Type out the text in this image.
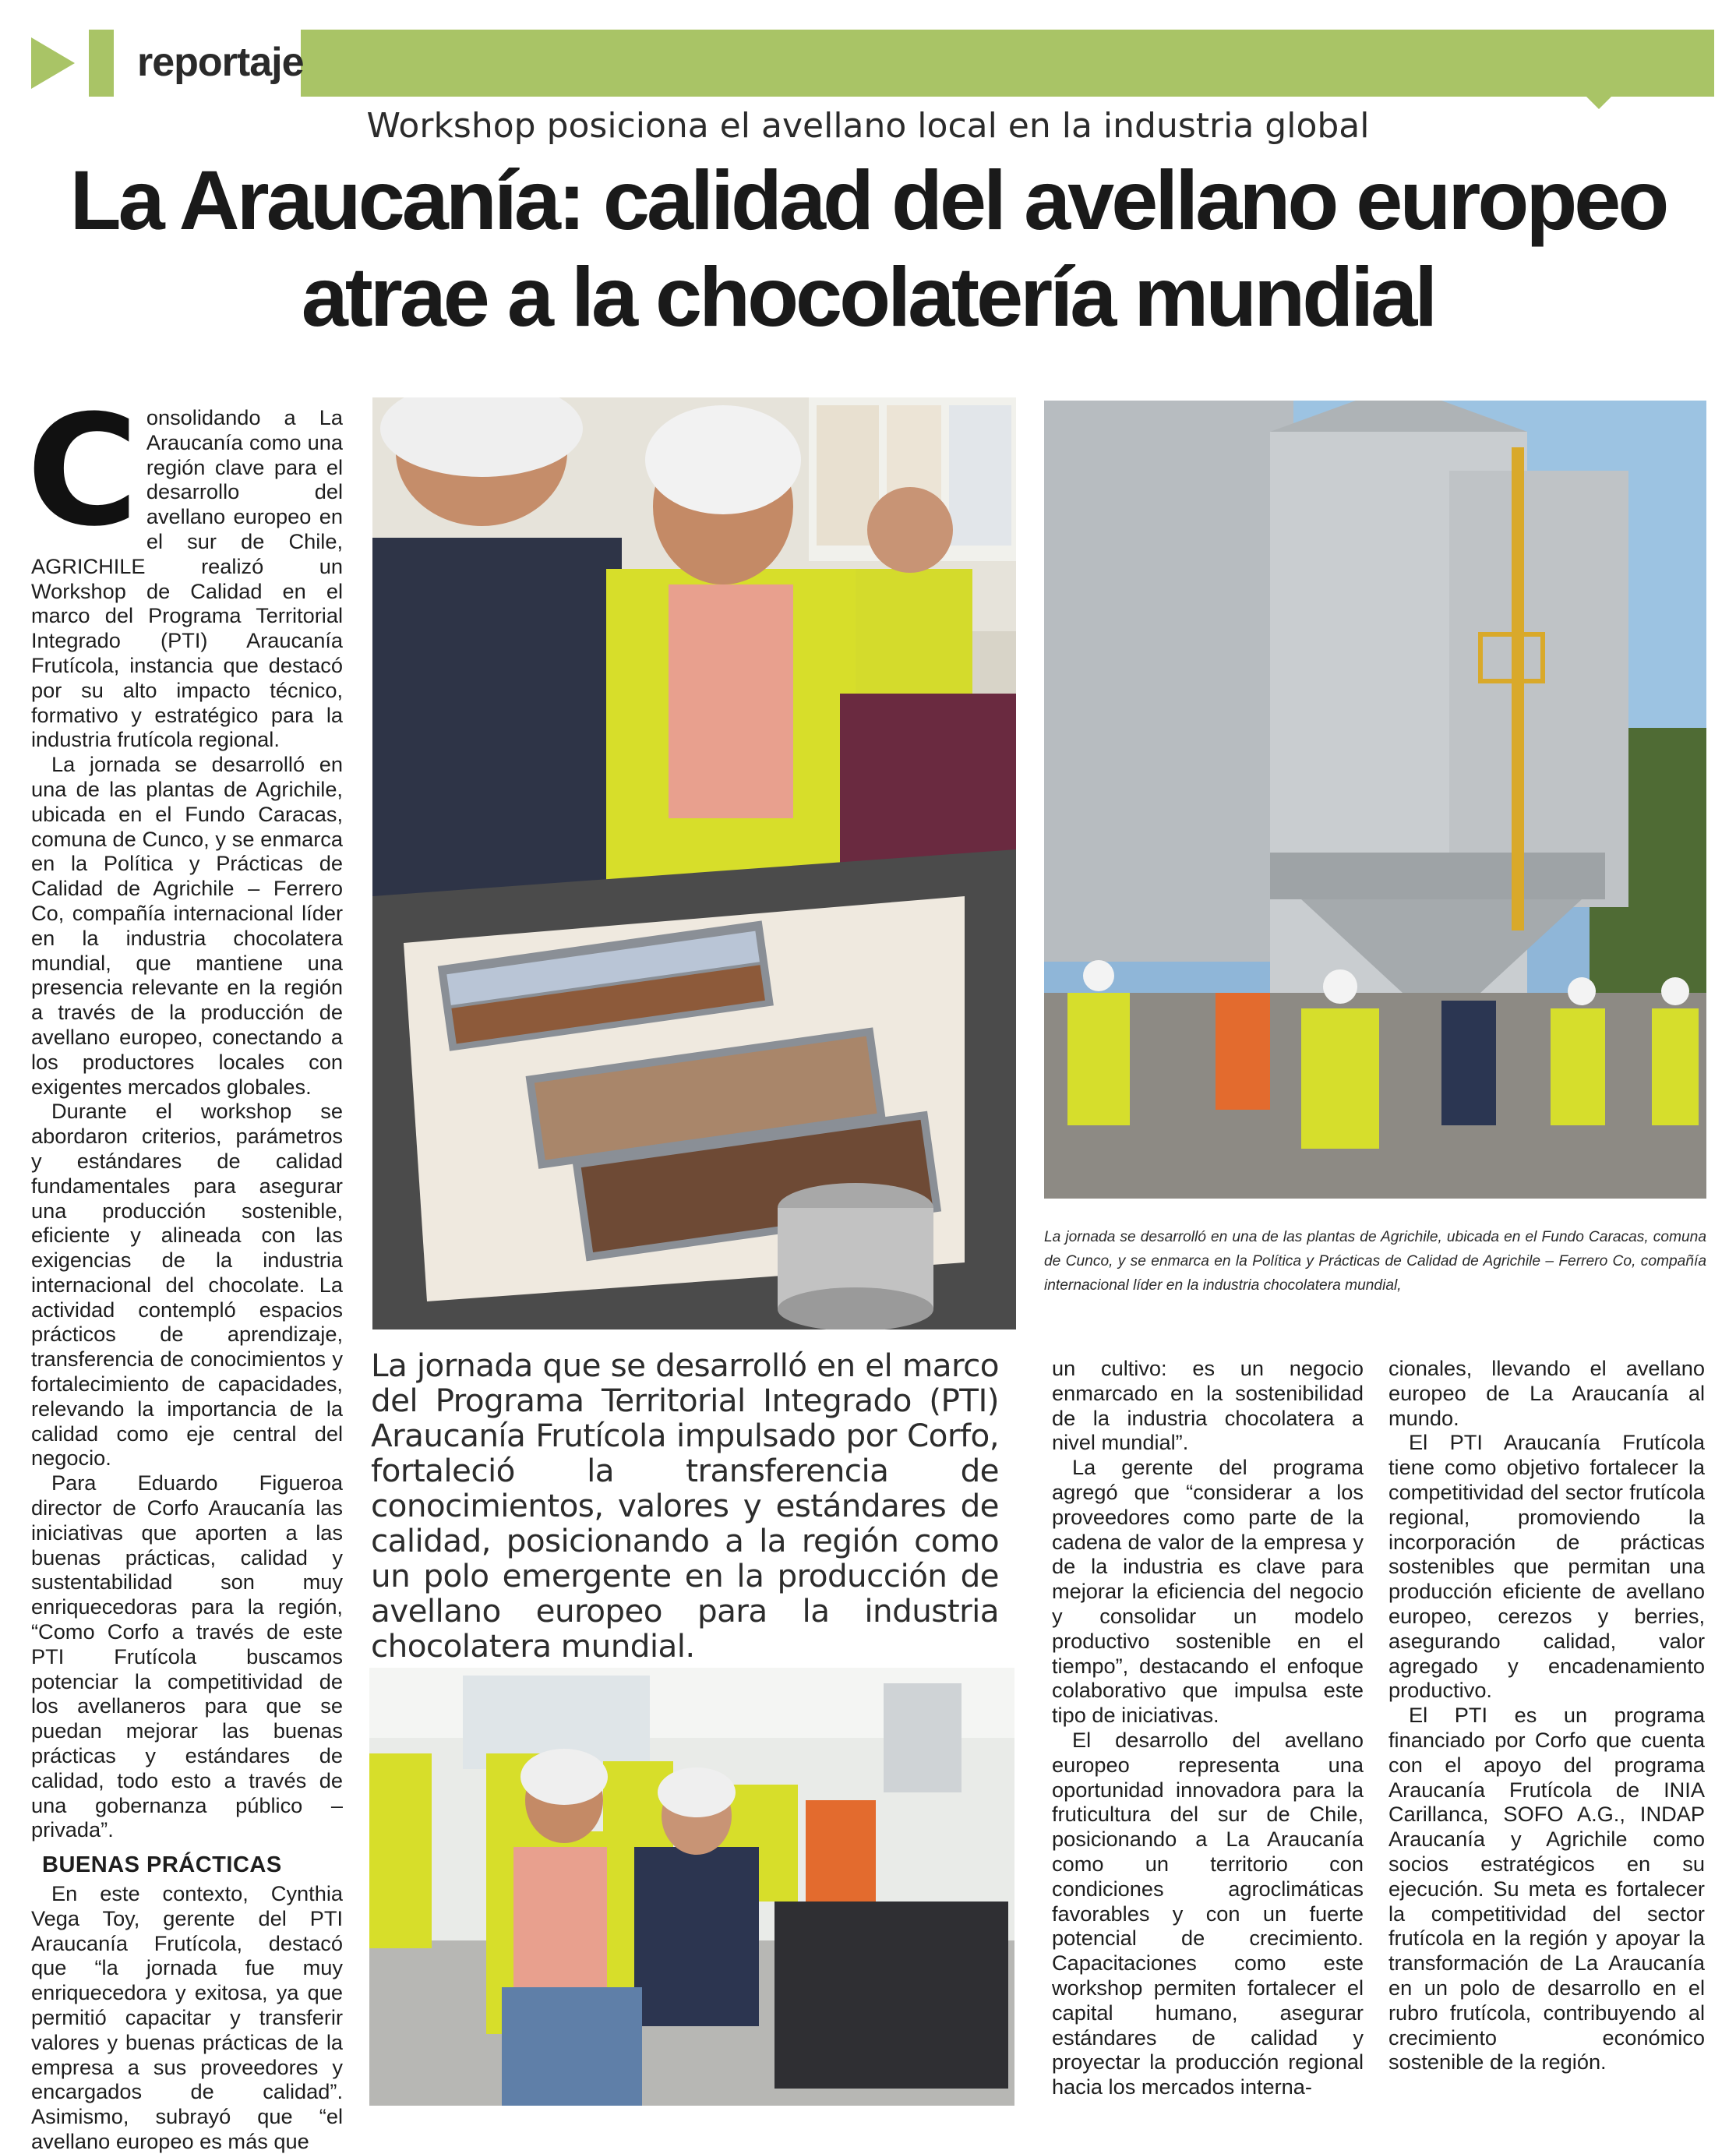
reportaje
Workshop posiciona el avellano local en la industria global
La Araucanía: calidad del avellano europeo atrae a la chocolatería mundial

Consolidando a La Araucanía como una región clave para el desarrollo del avellano europeo en el sur de Chile, AGRICHILE realizó un Workshop de Calidad en el marco del Programa Territorial Integrado (PTI) Araucanía Frutícola, instancia que destacó por su alto impacto técnico, formativo y estratégico para la industria frutícola regional.

La jornada se desarrolló en una de las plantas de Agrichile, ubicada en el Fundo Caracas, comuna de Cunco, y se enmarca en la Política y Prácticas de Calidad de Agrichile – Ferrero Co, compañía internacional líder en la industria chocolatera mundial, que mantiene una presencia relevante en la región a través de la producción de avellano europeo, conectando a los productores locales con exigentes mercados globales.

Durante el workshop se abordaron criterios, parámetros y estándares de calidad fundamentales para asegurar una producción sostenible, eficiente y alineada con las exigencias de la industria internacional del chocolate. La actividad contempló espacios prácticos de aprendizaje, transferencia de conocimientos y fortalecimiento de capacidades, relevando la importancia de la calidad como eje central del negocio.

Para Eduardo Figueroa director de Corfo Araucanía las iniciativas que aporten a las buenas prácticas, calidad y sustentabilidad son muy enriquecedoras para la región, “Como Corfo a través de este PTI Frutícola buscamos potenciar la competitividad de los avellaneros para que se puedan mejorar las buenas prácticas y estándares de calidad, todo esto a través de una gobernanza público – privada”.

BUENAS PRÁCTICAS

En este contexto, Cynthia Vega Toy, gerente del PTI Araucanía Frutícola, destacó que “la jornada fue muy enriquecedora y exitosa, ya que permitió capacitar y transferir valores y buenas prácticas de la empresa a sus proveedores y encargados de calidad”. Asimismo, subrayó que “el avellano europeo es más que

La jornada se desarrolló en una de las plantas de Agrichile, ubicada en el Fundo Caracas, comuna de Cunco, y se enmarca en la Política y Prácticas de Calidad de Agrichile – Ferrero Co, compañía internacional líder en la industria chocolatera mundial,
La jornada que se desarrolló en el marco del Programa Territorial Integrado (PTI) Araucanía Frutícola impulsado por Corfo, fortaleció la transferencia de conocimientos, valores y estándares de calidad, posicionando a la región como un polo emergente en la producción de avellano europeo para la industria chocolatera mundial.

un cultivo: es un negocio enmarcado en la sostenibilidad de la industria chocolatera a nivel mundial”.

La gerente del programa agregó que “considerar a los proveedores como parte de la cadena de valor de la empresa y de la industria es clave para mejorar la eficiencia del negocio y consolidar un modelo productivo sostenible en el tiempo”, destacando el enfoque colaborativo que impulsa este tipo de iniciativas.

El desarrollo del avellano europeo representa una oportunidad innovadora para la fruticultura del sur de Chile, posicionando a La Araucanía como un territorio con condiciones agroclimáticas favorables y con un fuerte potencial de crecimiento. Capacitaciones como este workshop permiten fortalecer el capital humano, asegurar estándares de calidad y proyectar la producción regional hacia los mercados interna-

cionales, llevando el avellano europeo de La Araucanía al mundo.

El PTI Araucanía Frutícola tiene como objetivo fortalecer la competitividad del sector frutícola regional, promoviendo la incorporación de prácticas sostenibles que permitan una producción eficiente de avellano europeo, cerezos y berries, asegurando calidad, valor agregado y encadenamiento productivo.

El PTI es un programa financiado por Corfo que cuenta con el apoyo del programa Araucanía Frutícola de INIA Carillanca, SOFO A.G., INDAP Araucanía y Agrichile como socios estratégicos en su ejecución. Su meta es fortalecer la competitividad del sector frutícola en la región y apoyar la transformación de La Araucanía en un polo de desarrollo en el rubro frutícola, contribuyendo al crecimiento económico sostenible de la región.
